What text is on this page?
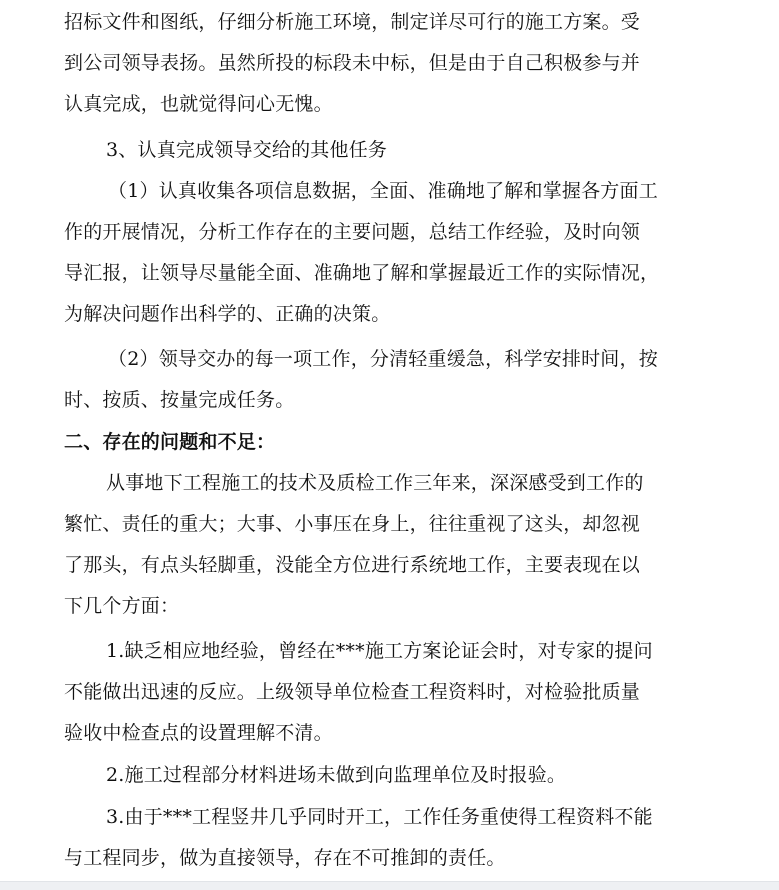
招标文件和图纸，仔细分析施工环境，制定详尽可行的施工方案。受
到公司领导表扬。虽然所投的标段未中标，但是由于自己积极参与并
认真完成，也就觉得问心无愧。

3、认真完成领导交给的其他任务

（1）认真收集各项信息数据，全面、准确地了解和掌握各方面工
作的开展情况，分析工作存在的主要问题，总结工作经验，及时向领
导汇报，让领导尽量能全面、准确地了解和掌握最近工作的实际情况，
为解决问题作出科学的、正确的决策。

（2）领导交办的每一项工作，分清轻重缓急，科学安排时间，按
时、按质、按量完成任务。

二、存在的问题和不足：

从事地下工程施工的技术及质检工作三年来，深深感受到工作的
繁忙、责任的重大；大事、小事压在身上，往往重视了这头，却忽视
了那头，有点头轻脚重，没能全方位进行系统地工作，主要表现在以
下几个方面：

1.缺乏相应地经验，曾经在***施工方案论证会时，对专家的提问
不能做出迅速的反应。上级领导单位检查工程资料时，对检验批质量
验收中检查点的设置理解不清。

2.施工过程部分材料进场未做到向监理单位及时报验。

3.由于***工程竖井几乎同时开工，工作任务重使得工程资料不能
与工程同步，做为直接领导，存在不可推卸的责任。
